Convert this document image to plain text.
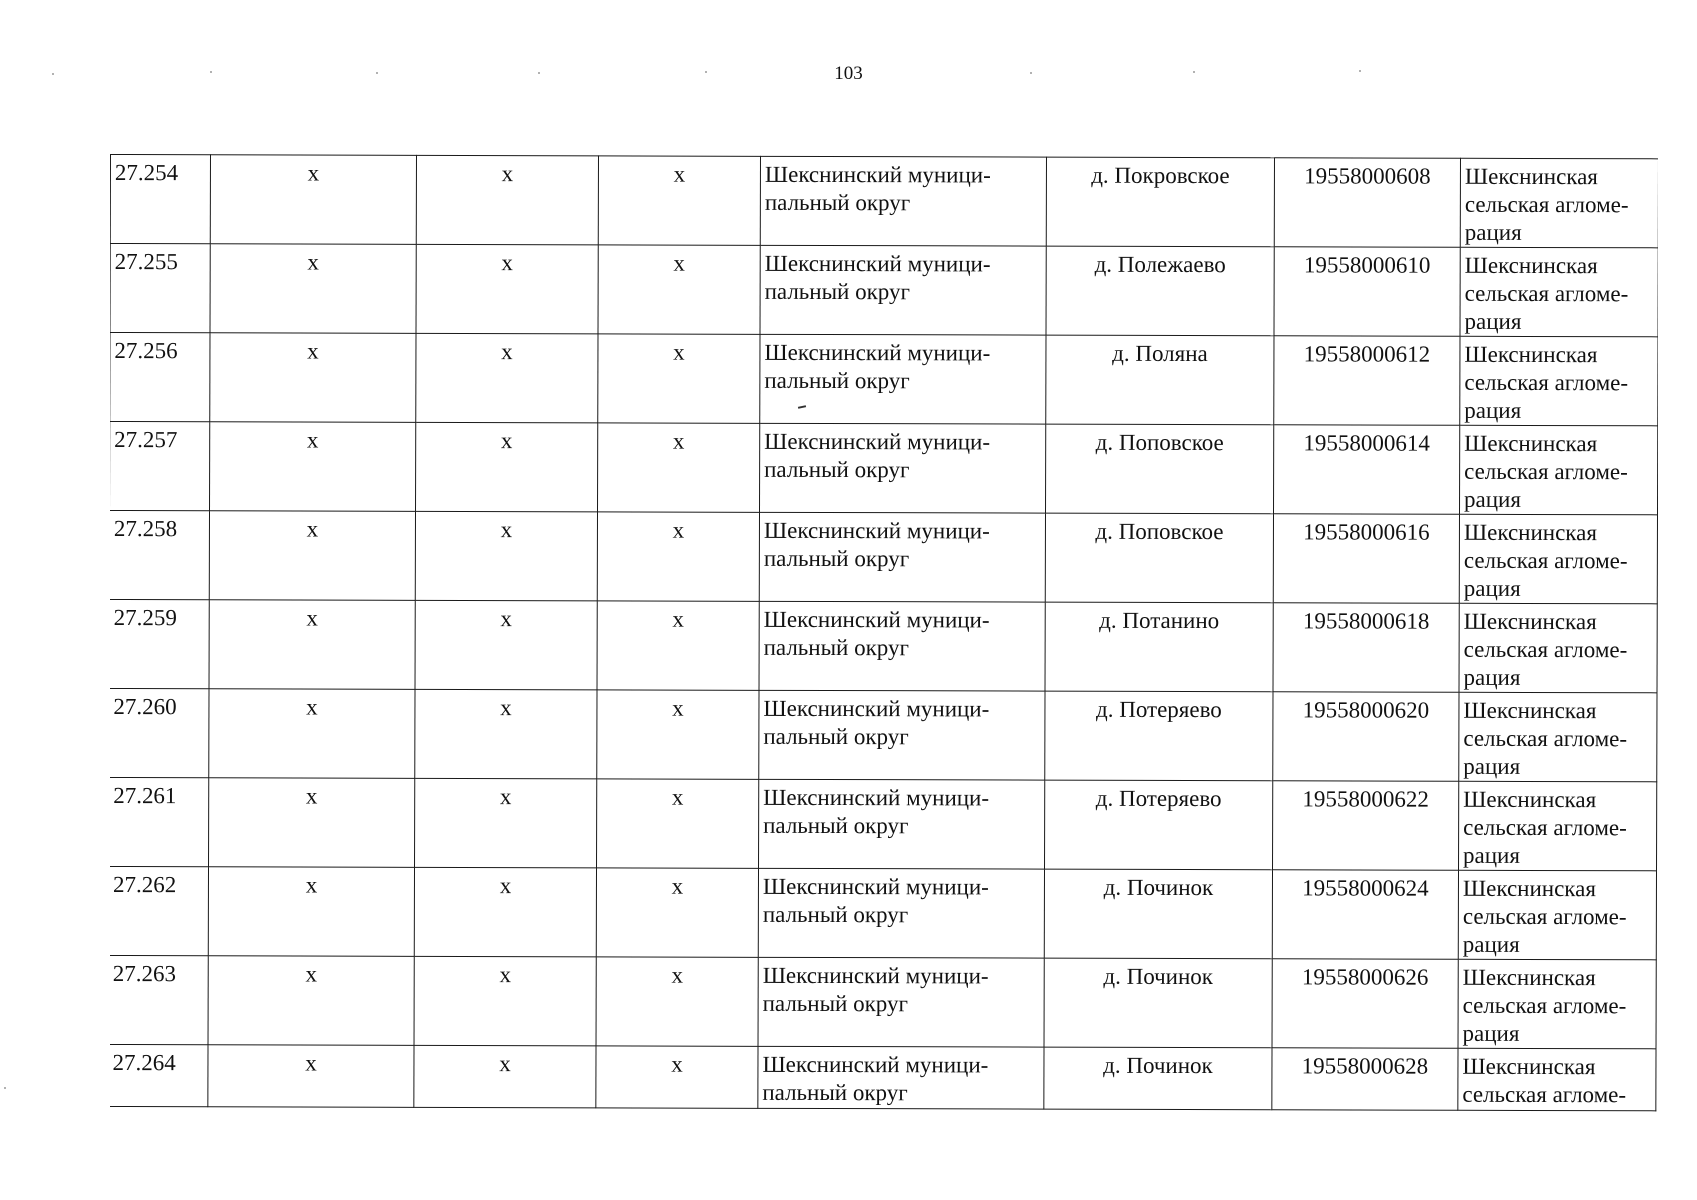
103
27.254	х	х	х	Шекснинский муници-пальный округ	д. Покровское	19558000608	Шекснинская сельская агломе-рация
27.255	х	х	х	Шекснинский муници-пальный округ	д. Полежаево	19558000610	Шекснинская сельская агломе-рация
27.256	х	х	х	Шекснинский муници-пальный округ	д. Поляна	19558000612	Шекснинская сельская агломе-рация
27.257	х	х	х	Шекснинский муници-пальный округ	д. Поповское	19558000614	Шекснинская сельская агломе-рация
27.258	х	х	х	Шекснинский муници-пальный округ	д. Поповское	19558000616	Шекснинская сельская агломе-рация
27.259	х	х	х	Шекснинский муници-пальный округ	д. Потанино	19558000618	Шекснинская сельская агломе-рация
27.260	х	х	х	Шекснинский муници-пальный округ	д. Потеряево	19558000620	Шекснинская сельская агломе-рация
27.261	х	х	х	Шекснинский муници-пальный округ	д. Потеряево	19558000622	Шекснинская сельская агломе-рация
27.262	х	х	х	Шекснинский муници-пальный округ	д. Починок	19558000624	Шекснинская сельская агломе-рация
27.263	х	х	х	Шекснинский муници-пальный округ	д. Починок	19558000626	Шекснинская сельская агломе-рация
27.264	х	х	х	Шекснинский муници-пальный округ	д. Починок	19558000628	Шекснинская сельская агломе-
